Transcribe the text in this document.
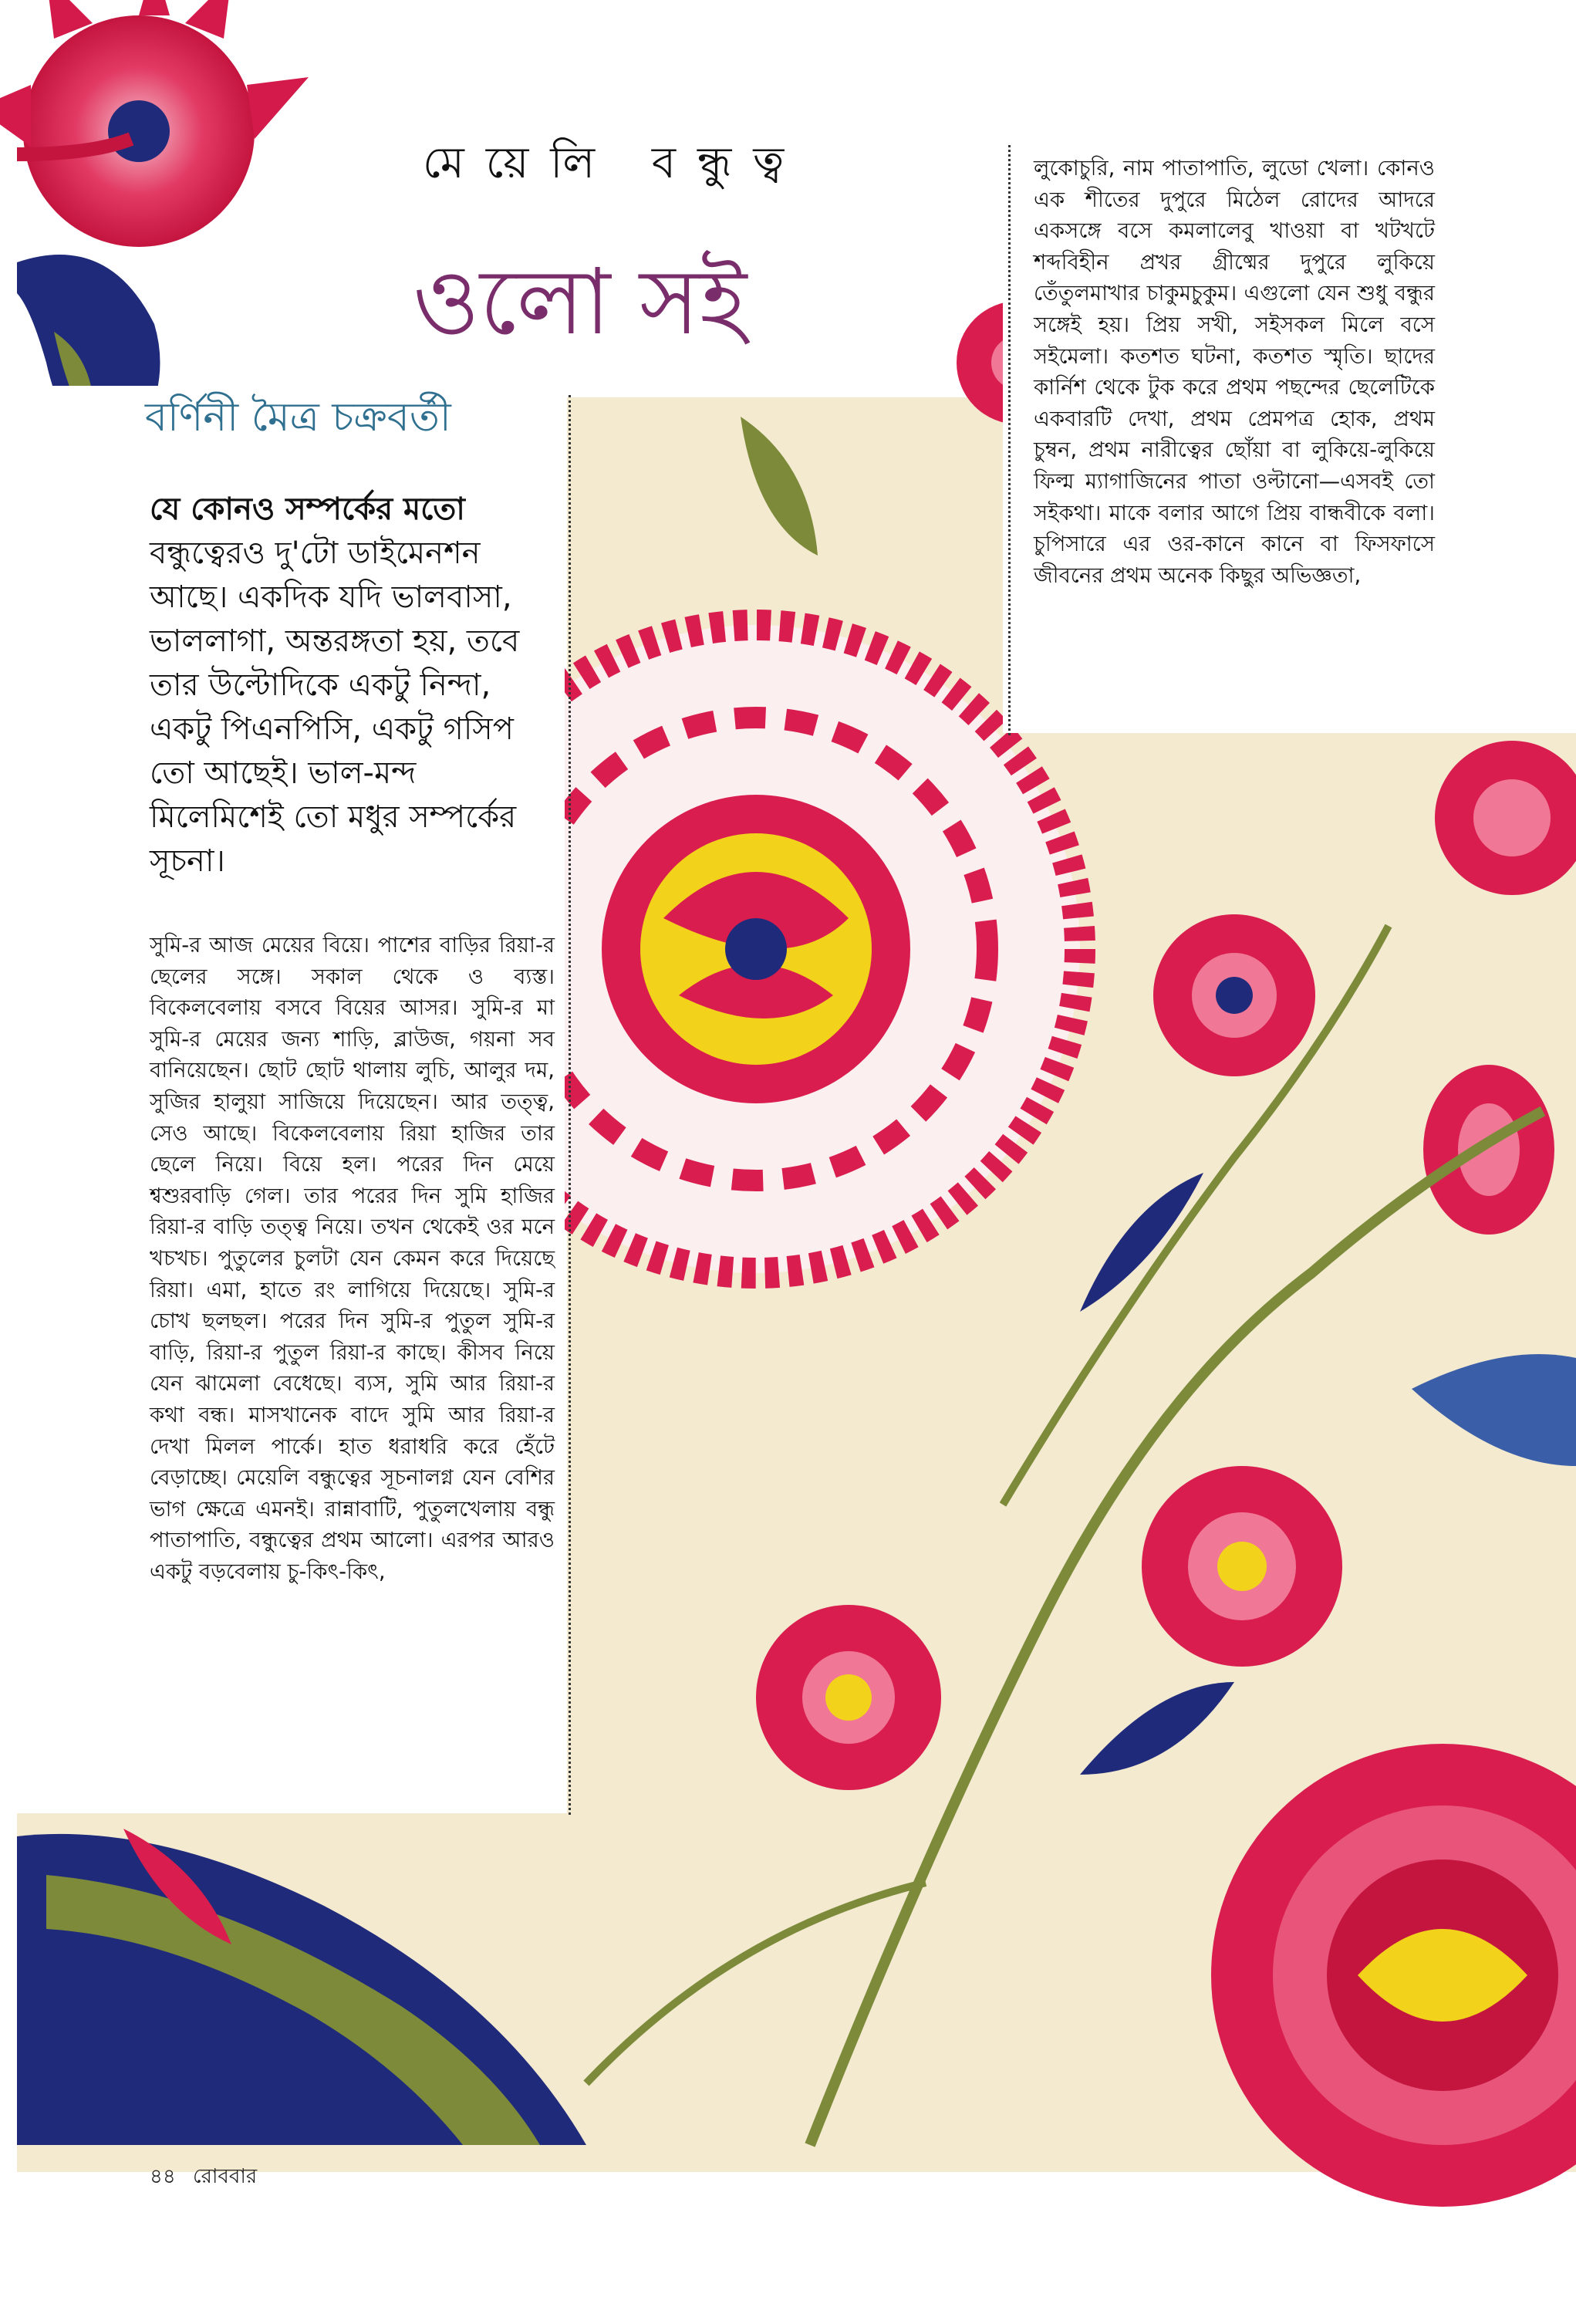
মেয়েলি বন্ধুত্ব
ওলো সই
বর্ণিনী মৈত্র চক্রবর্তী
যে কোনও সম্পর্কের মতো বন্ধুত্বেরও দু'টো ডাইমেনশন আছে। একদিক যদি ভালবাসা, ভাললাগা, অন্তরঙ্গতা হয়, তবে তার উল্টোদিকে একটু নিন্দা, একটু পিএনপিসি, একটু গসিপ তো আছেই। ভাল-মন্দ মিলেমিশেই তো মধুর সম্পর্কের সূচনা।

সুমি-র আজ মেয়ের বিয়ে। পাশের বাড়ির রিয়া-র ছেলের সঙ্গে। সকাল থেকে ও ব্যস্ত। বিকেলবেলায় বসবে বিয়ের আসর। সুমি-র মা সুমি-র মেয়ের জন্য শাড়ি, ব্লাউজ, গয়না সব বানিয়েছেন। ছোট ছোট থালায় লুচি, আলুর দম, সুজির হালুয়া সাজিয়ে দিয়েছেন। আর তত্ত্ব, সেও আছে। বিকেলবেলায় রিয়া হাজির তার ছেলে নিয়ে। বিয়ে হল। পরের দিন মেয়ে শ্বশুরবাড়ি গেল। তার পরের দিন সুমি হাজির রিয়া-র বাড়ি তত্ত্ব নিয়ে। তখন থেকেই ওর মনে খচখচ। পুতুলের চুলটা যেন কেমন করে দিয়েছে রিয়া। এমা, হাতে রং লাগিয়ে দিয়েছে। সুমি-র চোখ ছলছল। পরের দিন সুমি-র পুতুল সুমি-র বাড়ি, রিয়া-র পুতুল রিয়া-র কাছে। কীসব নিয়ে যেন ঝামেলা বেধেছে। ব্যস, সুমি আর রিয়া-র কথা বন্ধ। মাসখানেক বাদে সুমি আর রিয়া-র দেখা মিলল পার্কে। হাত ধরাধরি করে হেঁটে বেড়াচ্ছে। মেয়েলি বন্ধুত্বের সূচনালগ্ন যেন বেশির ভাগ ক্ষেত্রে এমনই। রান্নাবাটি, পুতুলখেলায় বন্ধু পাতাপাতি, বন্ধুত্বের প্রথম আলো। এরপর আরও একটু বড়বেলায় চু-কিৎ-কিৎ,

লুকোচুরি, নাম পাতাপাতি, লুডো খেলা। কোনও এক শীতের দুপুরে মিঠেল রোদের আদরে একসঙ্গে বসে কমলালেবু খাওয়া বা খটখটে শব্দবিহীন প্রখর গ্রীষ্মের দুপুরে লুকিয়ে তেঁতুলমাখার চাকুমচুকুম। এগুলো যেন শুধু বন্ধুর সঙ্গেই হয়। প্রিয় সখী, সইসকল মিলে বসে সইমেলা। কতশত ঘটনা, কতশত স্মৃতি। ছাদের কার্নিশ থেকে টুক করে প্রথম পছন্দের ছেলেটিকে একবারটি দেখা, প্রথম প্রেমপত্র হোক, প্রথম চুম্বন, প্রথম নারীত্বের ছোঁয়া বা লুকিয়ে-লুকিয়ে ফিল্ম ম্যাগাজিনের পাতা ওল্টানো—এসবই তো সইকথা। মাকে বলার আগে প্রিয় বান্ধবীকে বলা। চুপিসারে এর ওর-কানে কানে বা ফিসফাসে জীবনের প্রথম অনেক কিছুর অভিজ্ঞতা,

৪৪ রোববার
